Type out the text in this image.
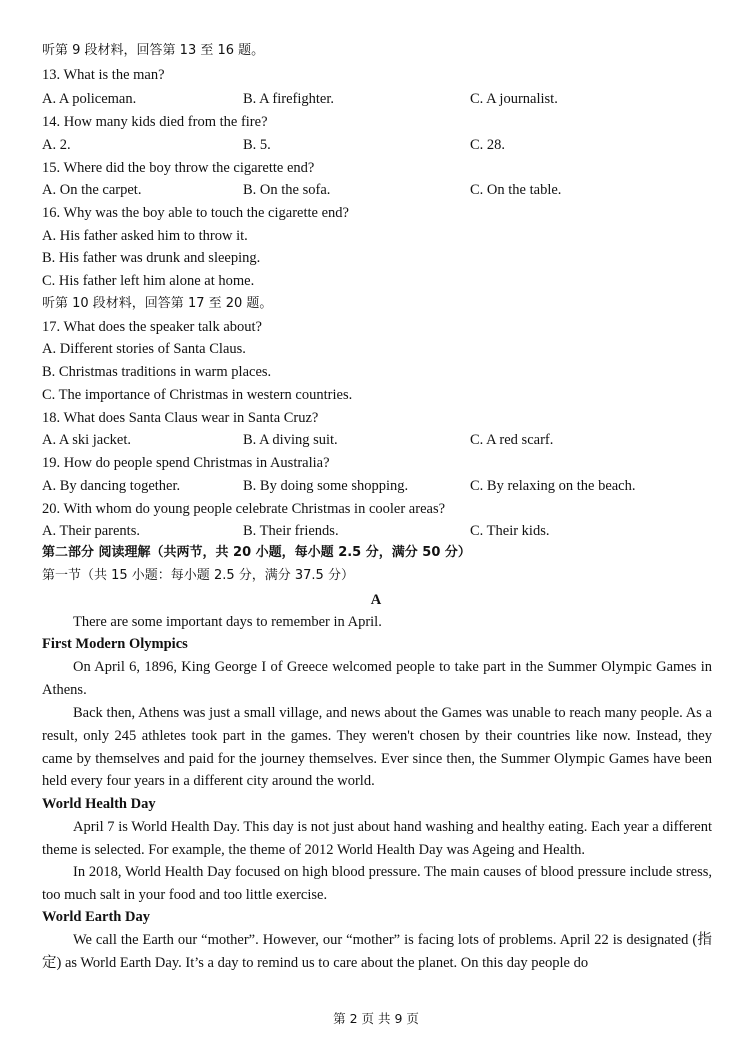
听第 9 段材料，回答第 13 至 16 题。
13. What is the man?
A. A policeman.	B. A firefighter.	C. A journalist.
14. How many kids died from the fire?
A. 2.	B. 5.	C. 28.
15. Where did the boy throw the cigarette end?
A. On the carpet.	B. On the sofa.	C. On the table.
16. Why was the boy able to touch the cigarette end?
A. His father asked him to throw it.
B. His father was drunk and sleeping.
C. His father left him alone at home.
听第 10 段材料，回答第 17 至 20 题。
17. What does the speaker talk about?
A. Different stories of Santa Claus.
B. Christmas traditions in warm places.
C. The importance of Christmas in western countries.
18. What does Santa Claus wear in Santa Cruz?
A. A ski jacket.	B. A diving suit.	C. A red scarf.
19. How do people spend Christmas in Australia?
A. By dancing together.	B. By doing some shopping.	C. By relaxing on the beach.
20. With whom do young people celebrate Christmas in cooler areas?
A. Their parents.	B. Their friends.	C. Their kids.
第二部分 阅读理解（共两节，共 20 小题，每小题 2.5 分，满分 50 分）
第一节（共 15 小题：每小题 2.5 分，满分 37.5 分）
A
There are some important days to remember in April.
First Modern Olympics
On April 6, 1896, King George I of Greece welcomed people to take part in the Summer Olympic Games in Athens.
Back then, Athens was just a small village, and news about the Games was unable to reach many people. As a result, only 245 athletes took part in the games. They weren't chosen by their countries like now. Instead, they came by themselves and paid for the journey themselves. Ever since then, the Summer Olympic Games have been held every four years in a different city around the world.
World Health Day
April 7 is World Health Day. This day is not just about hand washing and healthy eating. Each year a different theme is selected. For example, the theme of 2012 World Health Day was Ageing and Health.
In 2018, World Health Day focused on high blood pressure. The main causes of blood pressure include stress, too much salt in your food and too little exercise.
World Earth Day
We call the Earth our “mother”. However, our “mother” is facing lots of problems. April 22 is designated (指定) as World Earth Day. It’s a day to remind us to care about the planet. On this day people do
第 2 页 共 9 页
